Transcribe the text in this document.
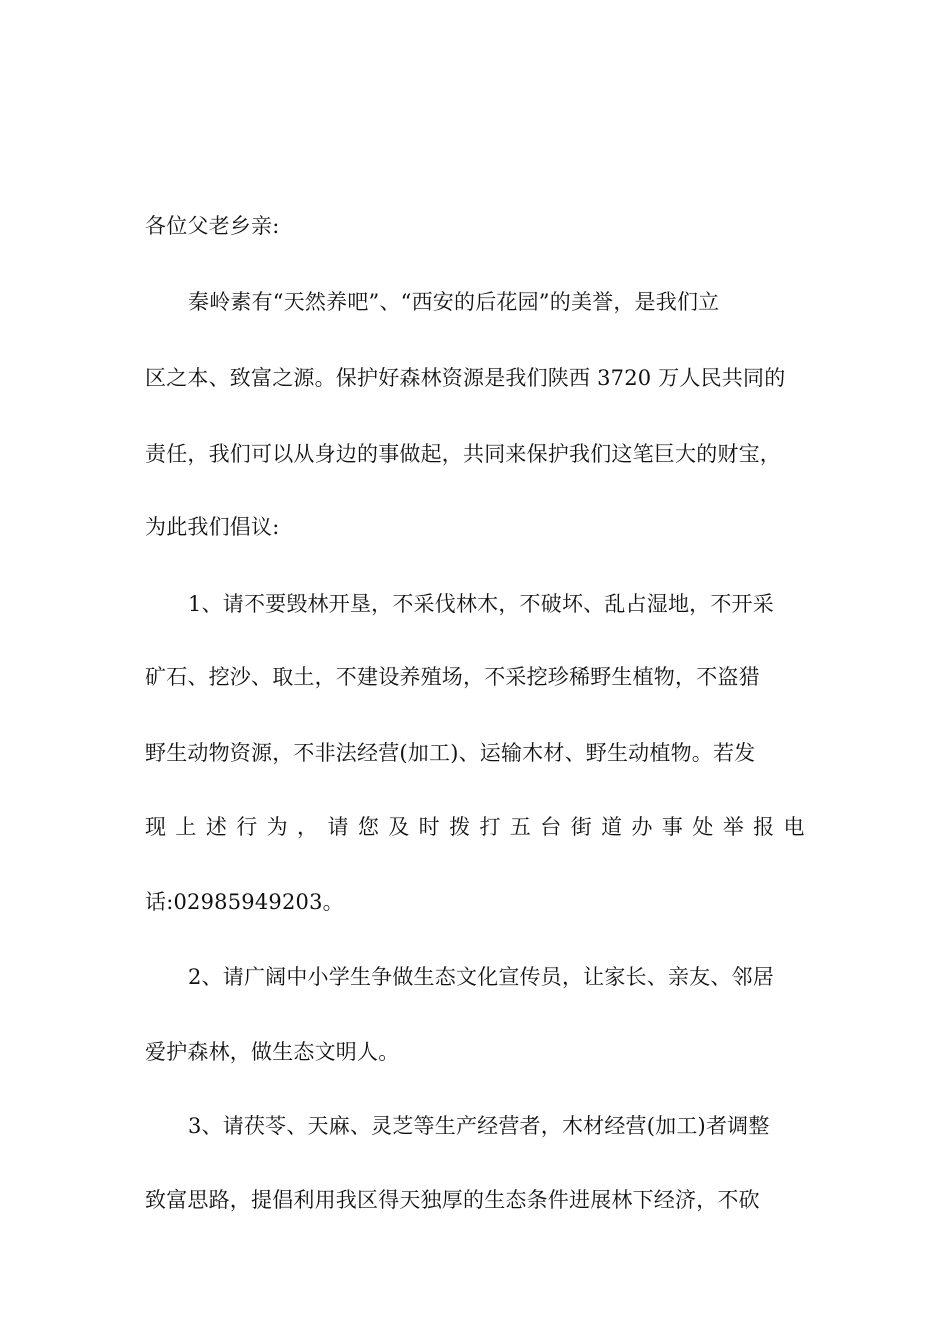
各位父老乡亲:
秦岭素有“天然养吧”、“西安的后花园”的美誉，是我们立
区之本、致富之源。保护好森林资源是我们陕西 3720 万人民共同的
责任，我们可以从身边的事做起，共同来保护我们这笔巨大的财宝，
为此我们倡议:
1、请不要毁林开垦，不采伐林木，不破坏、乱占湿地，不开采
矿石、挖沙、取土，不建设养殖场，不采挖珍稀野生植物，不盗猎
野生动物资源，不非法经营(加工)、运输木材、野生动植物。若发
现 上 述 行 为 ， 请 您 及 时 拨 打 五 台 街 道 办 事 处 举 报 电
话:02985949203。
2、请广阔中小学生争做生态文化宣传员，让家长、亲友、邻居
爱护森林，做生态文明人。
3、请茯苓、天麻、灵芝等生产经营者，木材经营(加工)者调整
致富思路，提倡利用我区得天独厚的生态条件进展林下经济，不砍
